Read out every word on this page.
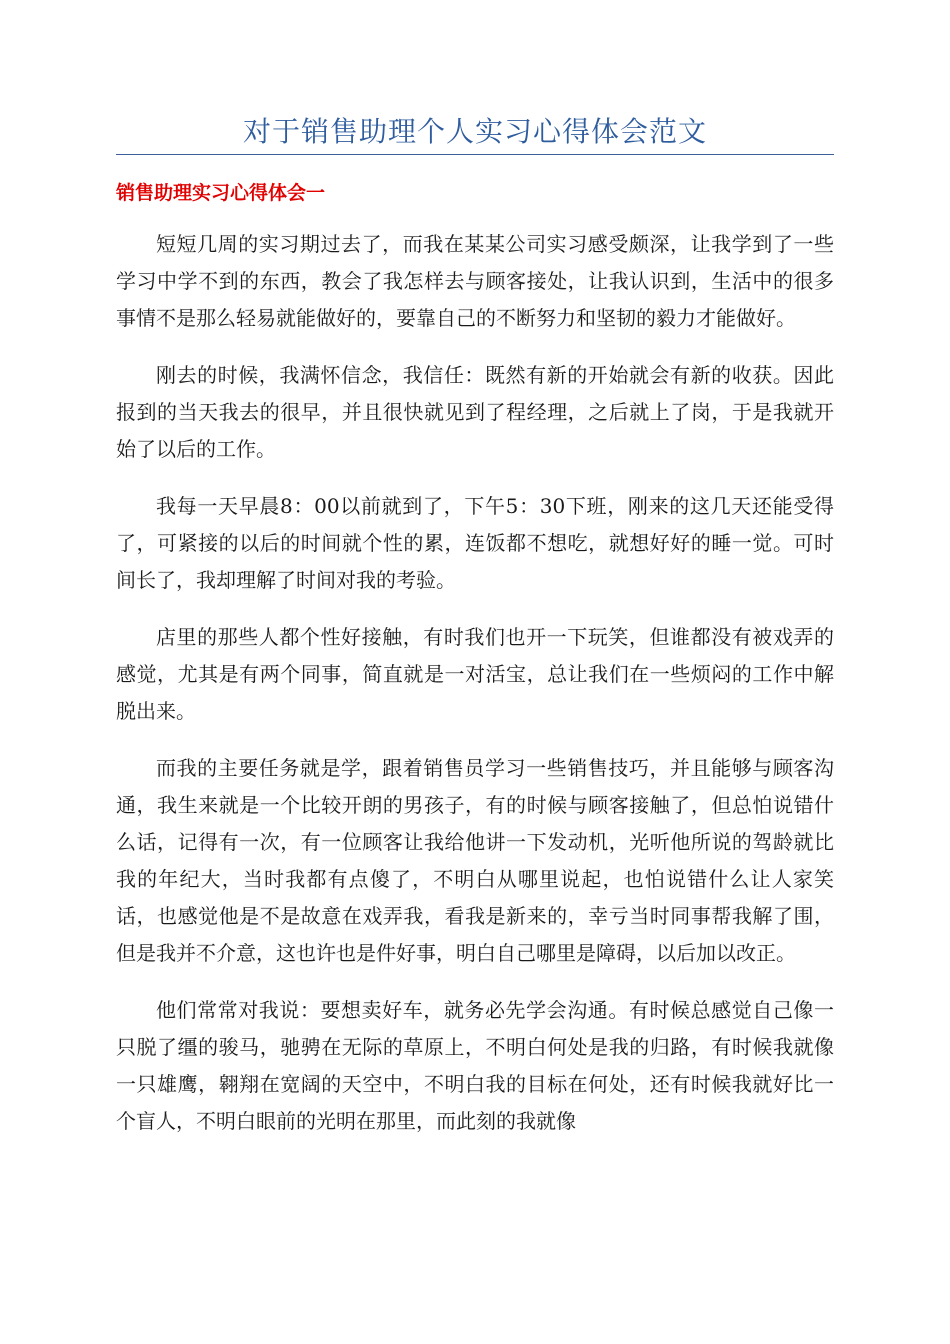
对于销售助理个人实习心得体会范文
销售助理实习心得体会一

短短几周的实习期过去了，而我在某某公司实习感受颇深，让我学到了一些学习中学不到的东西，教会了我怎样去与顾客接处，让我认识到，生活中的很多事情不是那么轻易就能做好的，要靠自己的不断努力和坚韧的毅力才能做好。

刚去的时候，我满怀信念，我信任：既然有新的开始就会有新的收获。因此报到的当天我去的很早，并且很快就见到了程经理，之后就上了岗，于是我就开始了以后的工作。

我每一天早晨8：00以前就到了，下午5：30下班，刚来的这几天还能受得了，可紧接的以后的时间就个性的累，连饭都不想吃，就想好好的睡一觉。可时间长了，我却理解了时间对我的考验。

店里的那些人都个性好接触，有时我们也开一下玩笑，但谁都没有被戏弄的感觉，尤其是有两个同事，简直就是一对活宝，总让我们在一些烦闷的工作中解脱出来。

而我的主要任务就是学，跟着销售员学习一些销售技巧，并且能够与顾客沟通，我生来就是一个比较开朗的男孩子，有的时候与顾客接触了，但总怕说错什么话，记得有一次，有一位顾客让我给他讲一下发动机，光听他所说的驾龄就比我的年纪大，当时我都有点傻了，不明白从哪里说起，也怕说错什么让人家笑话，也感觉他是不是故意在戏弄我，看我是新来的，幸亏当时同事帮我解了围，但是我并不介意，这也许也是件好事，明白自己哪里是障碍，以后加以改正。

他们常常对我说：要想卖好车，就务必先学会沟通。有时候总感觉自己像一只脱了缰的骏马，驰骋在无际的草原上，不明白何处是我的归路，有时候我就像一只雄鹰，翱翔在宽阔的天空中，不明白我的目标在何处，还有时候我就好比一个盲人，不明白眼前的光明在那里，而此刻的我就像
